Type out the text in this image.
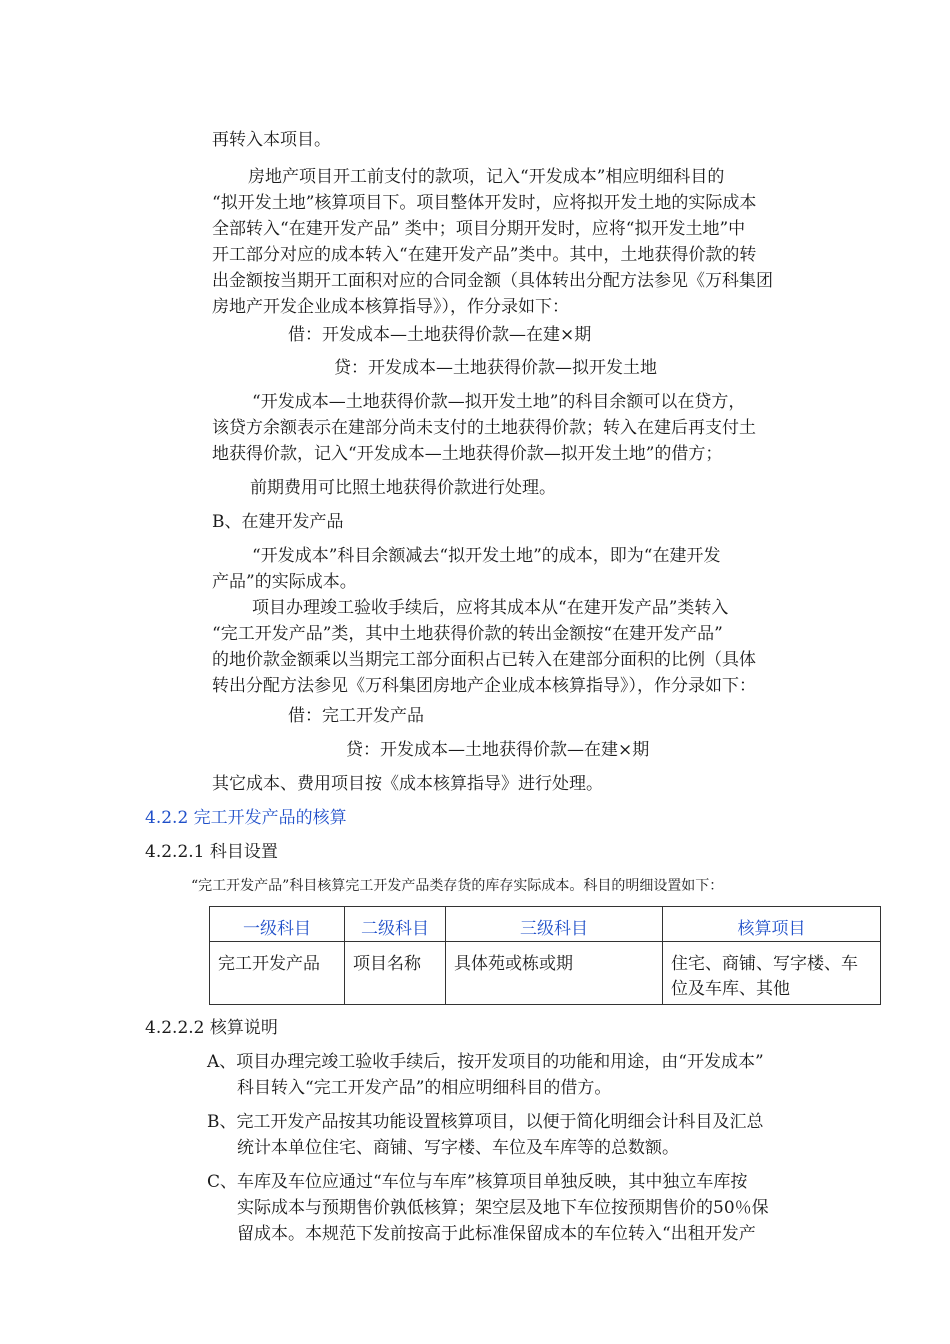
再转入本项目。

房地产项目开工前支付的款项，记入“开发成本”相应明细科目的

“拟开发土地”核算项目下。项目整体开发时，应将拟开发土地的实际成本

全部转入“在建开发产品” 类中；项目分期开发时，应将“拟开发土地”中

开工部分对应的成本转入“在建开发产品”类中。其中，土地获得价款的转

出金额按当期开工面积对应的合同金额（具体转出分配方法参见《万科集团

房地产开发企业成本核算指导》），作分录如下：

借：开发成本—土地获得价款—在建×期

贷：开发成本—土地获得价款—拟开发土地

“开发成本—土地获得价款—拟开发土地”的科目余额可以在贷方，

该贷方余额表示在建部分尚未支付的土地获得价款；转入在建后再支付土

地获得价款，记入“开发成本—土地获得价款—拟开发土地”的借方；

前期费用可比照土地获得价款进行处理。

B、在建开发产品

“开发成本”科目余额减去“拟开发土地”的成本，即为“在建开发

产品”的实际成本。

项目办理竣工验收手续后，应将其成本从“在建开发产品”类转入

“完工开发产品”类，其中土地获得价款的转出金额按“在建开发产品”

的地价款金额乘以当期完工部分面积占已转入在建部分面积的比例（具体

转出分配方法参见《万科集团房地产企业成本核算指导》），作分录如下：

借：完工开发产品

贷：开发成本—土地获得价款—在建×期

其它成本、费用项目按《成本核算指导》进行处理。

4.2.2 完工开发产品的核算

4.2.2.1 科目设置

“完工开发产品”科目核算完工开发产品类存货的库存实际成本。科目的明细设置如下：

一级科目	二级科目	三级科目	核算项目
完工开发产品	项目名称	具体苑或栋或期	住宅、商铺、写字楼、车
位及车库、其他

4.2.2.2 核算说明

A、项目办理完竣工验收手续后，按开发项目的功能和用途，由“开发成本”

科目转入“完工开发产品”的相应明细科目的借方。

B、完工开发产品按其功能设置核算项目，以便于简化明细会计科目及汇总

统计本单位住宅、商铺、写字楼、车位及车库等的总数额。

C、车库及车位应通过“车位与车库”核算项目单独反映，其中独立车库按

实际成本与预期售价孰低核算；架空层及地下车位按预期售价的50％保

留成本。本规范下发前按高于此标准保留成本的车位转入“出租开发产
